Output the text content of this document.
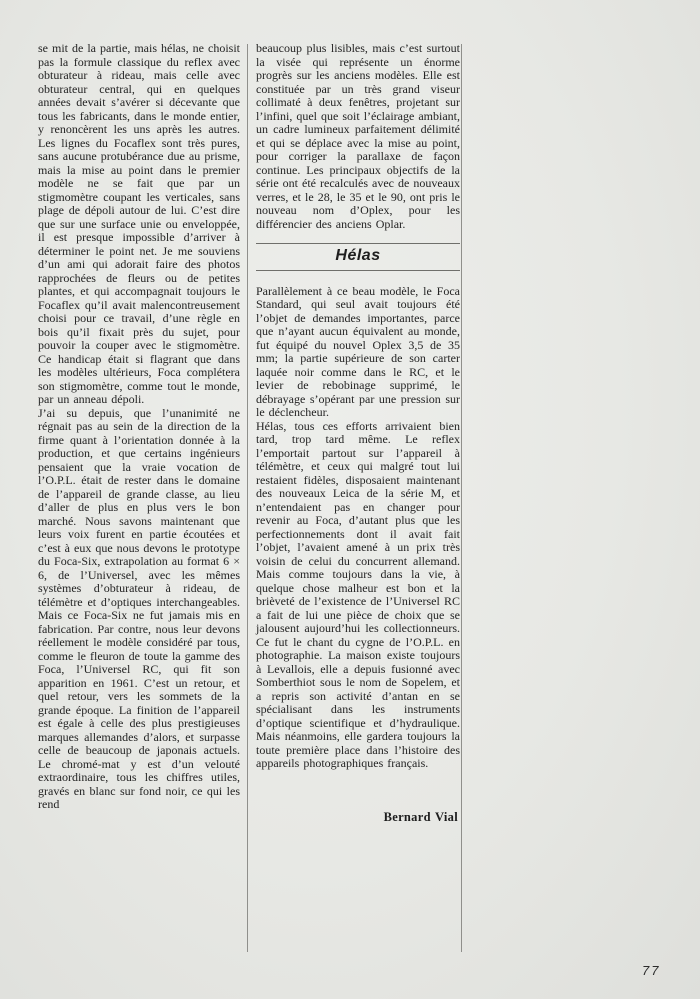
se mit de la partie, mais hélas, ne choisit pas la formule classique du reflex avec obturateur à rideau, mais celle avec obturateur central, qui en quelques années devait s’avérer si décevante que tous les fabricants, dans le monde entier, y renoncèrent les uns après les autres. Les lignes du Focaflex sont très pures, sans aucune protubérance due au prisme, mais la mise au point dans le premier modèle ne se fait que par un stigmomètre coupant les verticales, sans plage de dépoli autour de lui. C’est dire que sur une surface unie ou enveloppée, il est presque impossible d’arriver à déterminer le point net. Je me souviens d’un ami qui adorait faire des photos rapprochées de fleurs ou de petites plantes, et qui accompagnait toujours le Focaflex qu’il avait malencontreusement choisi pour ce travail, d’une règle en bois qu’il fixait près du sujet, pour pouvoir la couper avec le stigmomètre. Ce handicap était si flagrant que dans les modèles ultérieurs, Foca complétera son stigmomètre, comme tout le monde, par un anneau dépoli.

J’ai su depuis, que l’unanimité ne régnait pas au sein de la direction de la firme quant à l’orientation donnée à la production, et que certains ingénieurs pensaient que la vraie vocation de l’O.P.L. était de rester dans le domaine de l’appareil de grande classe, au lieu d’aller de plus en plus vers le bon marché. Nous savons maintenant que leurs voix furent en partie écoutées et c’est à eux que nous devons le prototype du Foca-Six, extrapolation au format 6 × 6, de l’Universel, avec les mêmes systèmes d’obturateur à rideau, de télémètre et d’optiques interchangeables. Mais ce Foca-Six ne fut jamais mis en fabrication. Par contre, nous leur devons réellement le modèle considéré par tous, comme le fleuron de toute la gamme des Foca, l’Universel RC, qui fit son apparition en 1961. C’est un retour, et quel retour, vers les sommets de la grande époque. La finition de l’appareil est égale à celle des plus prestigieuses marques allemandes d’alors, et surpasse celle de beaucoup de japonais actuels. Le chromé-mat y est d’un velouté extraordinaire, tous les chiffres utiles, gravés en blanc sur fond noir, ce qui les rend

beaucoup plus lisibles, mais c’est surtout la visée qui représente un énorme progrès sur les anciens modèles. Elle est constituée par un très grand viseur collimaté à deux fenêtres, projetant sur l’infini, quel que soit l’éclairage ambiant, un cadre lumineux parfaitement délimité et qui se déplace avec la mise au point, pour corriger la parallaxe de façon continue. Les principaux objectifs de la série ont été recalculés avec de nouveaux verres, et le 28, le 35 et le 90, ont pris le nouveau nom d’Oplex, pour les différencier des anciens Oplar.

Hélas

Parallèlement à ce beau modèle, le Foca Standard, qui seul avait toujours été l’objet de demandes importantes, parce que n’ayant aucun équivalent au monde, fut équipé du nouvel Oplex 3,5 de 35 mm; la partie supérieure de son carter laquée noir comme dans le RC, et le levier de rebobinage supprimé, le débrayage s’opérant par une pression sur le déclencheur.

Hélas, tous ces efforts arrivaient bien tard, trop tard même. Le reflex l’emportait partout sur l’appareil à télémètre, et ceux qui malgré tout lui restaient fidèles, disposaient maintenant des nouveaux Leica de la série M, et n’entendaient pas en changer pour revenir au Foca, d’autant plus que les perfectionnements dont il avait fait l’objet, l’avaient amené à un prix très voisin de celui du concurrent allemand. Mais comme toujours dans la vie, à quelque chose malheur est bon et la brièveté de l’existence de l’Universel RC a fait de lui une pièce de choix que se jalousent aujourd’hui les collectionneurs. Ce fut le chant du cygne de l’O.P.L. en photographie. La maison existe toujours à Levallois, elle a depuis fusionné avec Somberthiot sous le nom de Sopelem, et a repris son activité d’antan en se spécialisant dans les instruments d’optique scientifique et d’hydraulique. Mais néanmoins, elle gardera toujours la toute première place dans l’histoire des appareils photographiques français.

Bernard Vial
77
